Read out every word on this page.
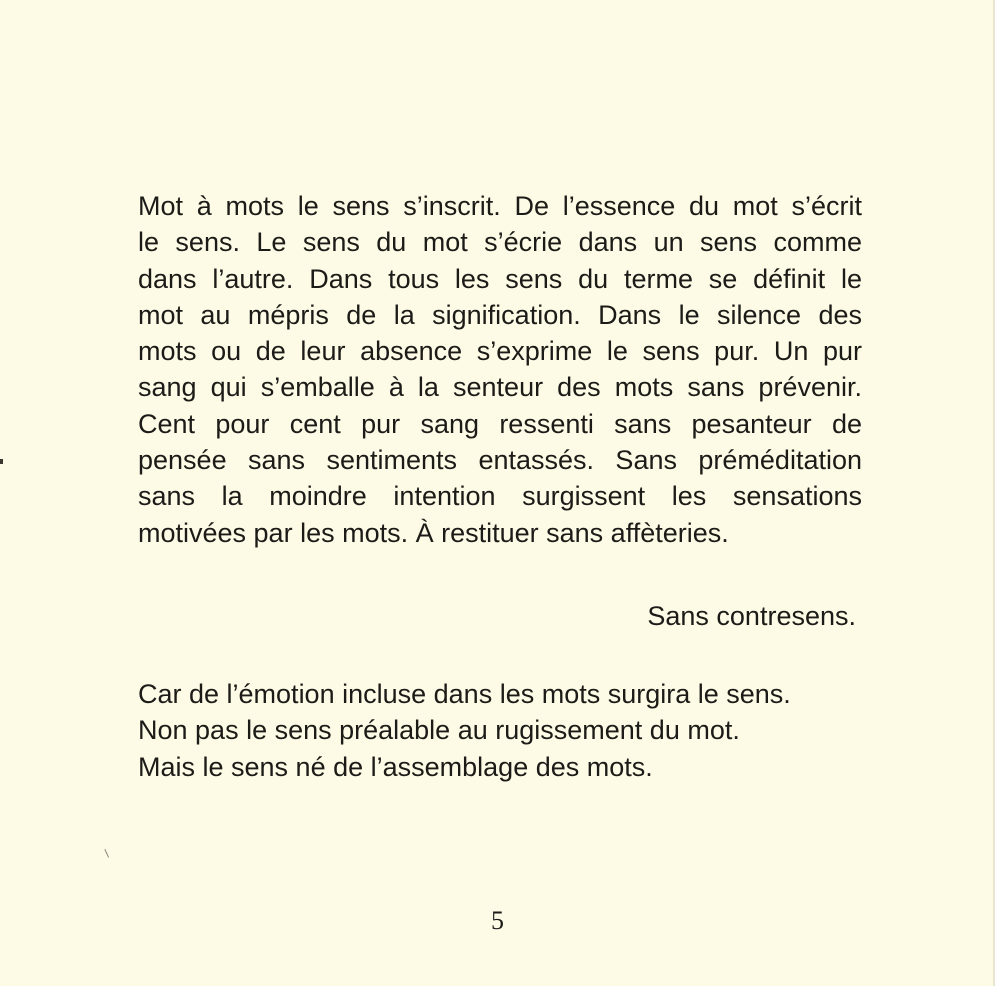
Mot à mots le sens s’inscrit. De l’essence du mot s’écrit
le sens. Le sens du mot s’écrie dans un sens comme
dans l’autre. Dans tous les sens du terme se définit le
mot au mépris de la signification. Dans le silence des
mots ou de leur absence s’exprime le sens pur. Un pur
sang qui s’emballe à la senteur des mots sans prévenir.
Cent pour cent pur sang ressenti sans pesanteur de
pensée sans sentiments entassés. Sans préméditation
sans la moindre intention surgissent les sensations
motivées par les mots. À restituer sans affèteries.
Sans contresens.
Car de l’émotion incluse dans les mots surgira le sens.
Non pas le sens préalable au rugissement du mot.
Mais le sens né de l’assemblage des mots.
5
